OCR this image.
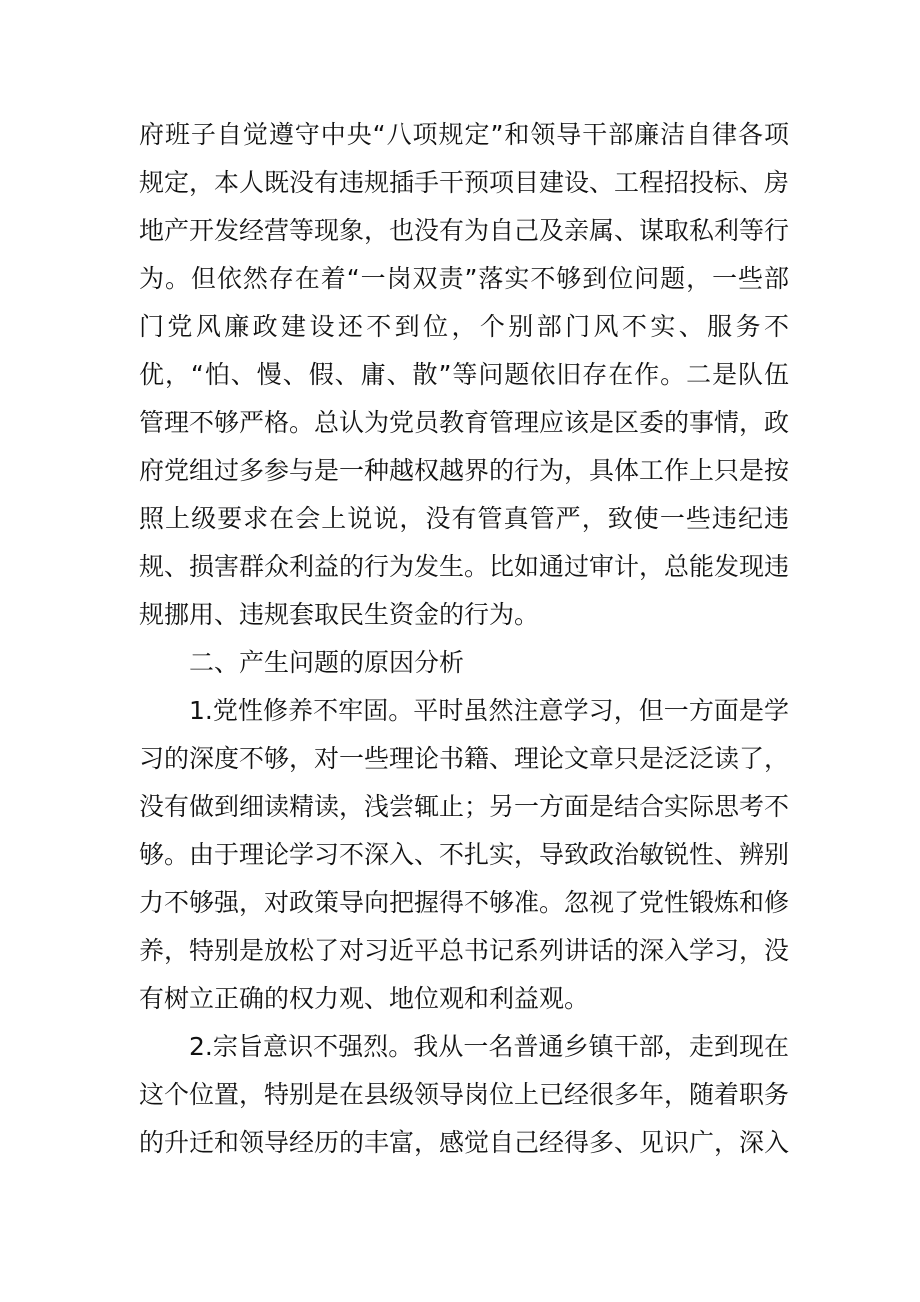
府班子自觉遵守中央“八项规定”和领导干部廉洁自律各项规定，本人既没有违规插手干预项目建设、工程招投标、房地产开发经营等现象，也没有为自己及亲属、谋取私利等行为。但依然存在着“一岗双责”落实不够到位问题，一些部门党风廉政建设还不到位，个别部门风不实、服务不优，“怕、慢、假、庸、散”等问题依旧存在作。二是队伍管理不够严格。总认为党员教育管理应该是区委的事情，政府党组过多参与是一种越权越界的行为，具体工作上只是按照上级要求在会上说说，没有管真管严，致使一些违纪违规、损害群众利益的行为发生。比如通过审计，总能发现违规挪用、违规套取民生资金的行为。

二、产生问题的原因分析

1.党性修养不牢固。平时虽然注意学习，但一方面是学习的深度不够，对一些理论书籍、理论文章只是泛泛读了，没有做到细读精读，浅尝辄止；另一方面是结合实际思考不够。由于理论学习不深入、不扎实，导致政治敏锐性、辨别力不够强，对政策导向把握得不够准。忽视了党性锻炼和修养，特别是放松了对习近平总书记系列讲话的深入学习，没有树立正确的权力观、地位观和利益观。

2.宗旨意识不强烈。我从一名普通乡镇干部，走到现在这个位置，特别是在县级领导岗位上已经很多年，随着职务的升迁和领导经历的丰富，感觉自己经得多、见识广，深入
